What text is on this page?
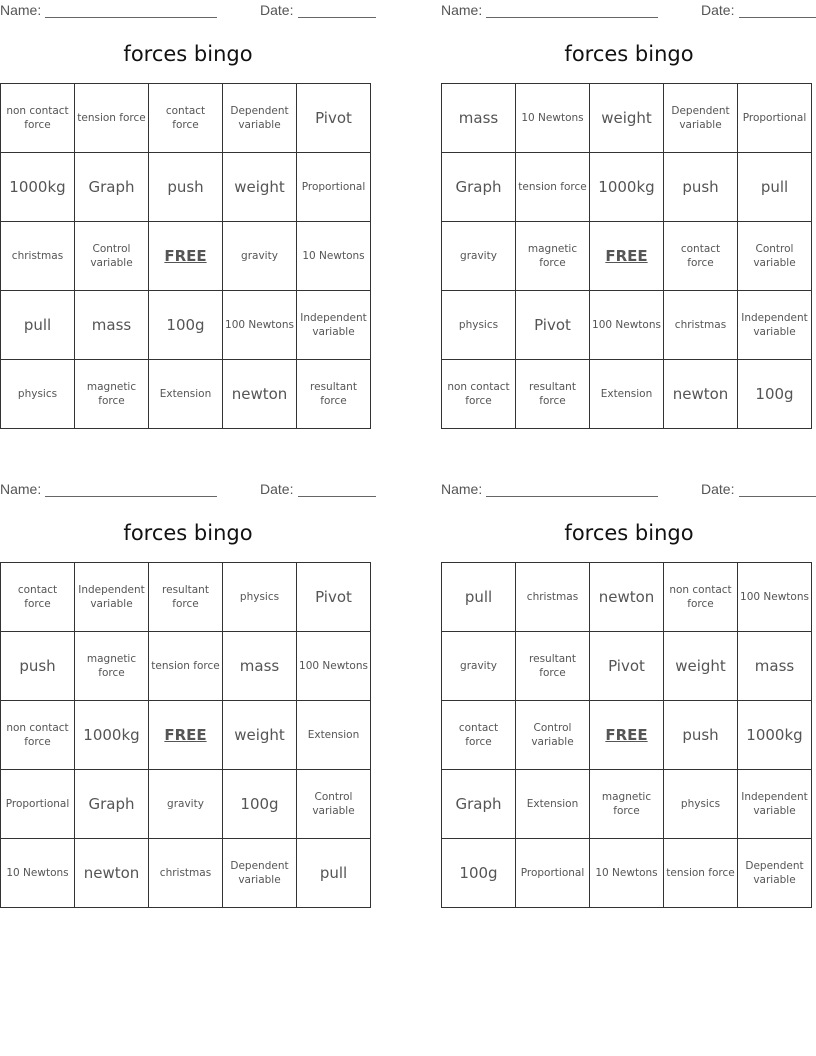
Name:	Date:
forces bingo
non contact force	tension force	contact force	Dependent variable	Pivot
1000kg	Graph	push	weight	Proportional
christmas	Control variable	FREE	gravity	10 Newtons
pull	mass	100g	100 Newtons	Independent variable
physics	magnetic force	Extension	newton	resultant force
Name:	Date:
forces bingo
mass	10 Newtons	weight	Dependent variable	Proportional
Graph	tension force	1000kg	push	pull
gravity	magnetic force	FREE	contact force	Control variable
physics	Pivot	100 Newtons	christmas	Independent variable
non contact force	resultant force	Extension	newton	100g
Name:	Date:
forces bingo
contact force	Independent variable	resultant force	physics	Pivot
push	magnetic force	tension force	mass	100 Newtons
non contact force	1000kg	FREE	weight	Extension
Proportional	Graph	gravity	100g	Control variable
10 Newtons	newton	christmas	Dependent variable	pull
Name:	Date:
forces bingo
pull	christmas	newton	non contact force	100 Newtons
gravity	resultant force	Pivot	weight	mass
contact force	Control variable	FREE	push	1000kg
Graph	Extension	magnetic force	physics	Independent variable
100g	Proportional	10 Newtons	tension force	Dependent variable
